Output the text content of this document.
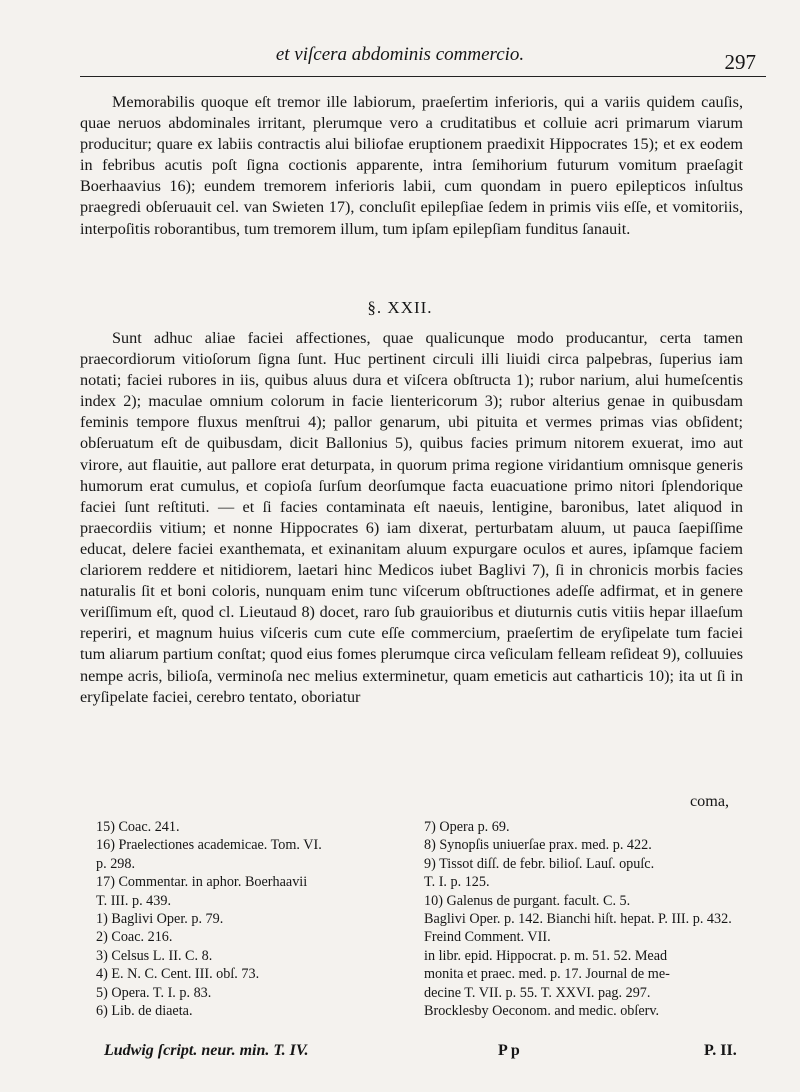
et viſcera abdominis commercio.	297

Memorabilis quoque eſt tremor ille labiorum, praeſertim inferioris, qui a variis quidem cauſis, quae neruos abdominales irritant, plerumque vero a cruditatibus et colluie acri primarum viarum producitur; quare ex labiis contractis alui biliofae eruptionem praedixit Hippocrates 15); et ex eodem in febribus acutis poſt ſigna coctionis apparente, intra ſemihorium futurum vomitum praeſagit Boerhaavius 16); eundem tremorem inferioris labii, cum quondam in puero epilepticos inſultus praegredi obſeruauit cel. van Swieten 17), concluſit epilepſiae ſedem in primis viis eſſe, et vomitoriis, interpoſitis roborantibus, tum tremorem illum, tum ipſam epilepſiam funditus ſanauit.

§. XXII.

Sunt adhuc aliae faciei affectiones, quae qualicunque modo producantur, certa tamen praecordiorum vitioſorum ſigna ſunt. Huc pertinent circuli illi liuidi circa palpebras, ſuperius iam notati; faciei rubores in iis, quibus aluus dura et viſcera obſtructa 1); rubor narium, alui humeſcentis index 2); maculae omnium colorum in facie lientericorum 3); rubor alterius genae in quibusdam feminis tempore fluxus menſtrui 4); pallor genarum, ubi pituita et vermes primas vias obſident; obſeruatum eſt de quibusdam, dicit Ballonius 5), quibus facies primum nitorem exuerat, imo aut virore, aut flauitie, aut pallore erat deturpata, in quorum prima regione viridantium omnisque generis humorum erat cumulus, et copioſa ſurſum deorſumque facta euacuatione primo nitori ſplendorique faciei ſunt reſtituti. — et ſi facies contaminata eſt naeuis, lentigine, baronibus, latet aliquod in praecordiis vitium; et nonne Hippocrates 6) iam dixerat, perturbatam aluum, ut pauca ſaepiſſime educat, delere faciei exanthemata, et exinanitam aluum expurgare oculos et aures, ipſamque faciem clariorem reddere et nitidiorem, laetari hinc Medicos iubet Baglivi 7), ſi in chronicis morbis facies naturalis ſit et boni coloris, nunquam enim tunc viſcerum obſtructiones adeſſe adfirmat, et in genere veriſſimum eſt, quod cl. Lieutaud 8) docet, raro ſub grauioribus et diuturnis cutis vitiis hepar illaeſum reperiri, et magnum huius viſceris cum cute eſſe commercium, praeſertim de eryſipelate tum faciei tum aliarum partium conſtat; quod eius fomes plerumque circa veſiculam felleam reſideat 9), colluuies nempe acris, bilioſa, verminoſa nec melius exterminetur, quam emeticis aut catharticis 10); ita ut ſi in eryſipelate faciei, cerebro tentato, oboriatur

coma,
15) Coac. 241.
16) Praelectiones academicae. Tom. VI.
p. 298.
17) Commentar. in aphor. Boerhaavii
T. III. p. 439.
1) Baglivi Oper. p. 79.
2) Coac. 216.
3) Celsus L. II. C. 8.
4) E. N. C. Cent. III. obſ. 73.
5) Opera. T. I. p. 83.
6) Lib. de diaeta.
7) Opera p. 69.
8) Synopſis uniuerſae prax. med. p. 422.
9) Tissot diſſ. de febr. bilioſ. Lauſ. opuſc.
T. I. p. 125.
10) Galenus de purgant. facult. C. 5.
Baglivi Oper. p. 142. Bianchi hiſt. hepat. P. III. p. 432. Freind Comment. VII.
in libr. epid. Hippocrat. p. m. 51. 52. Mead
monita et praec. med. p. 17. Journal de me-
decine T. VII. p. 55. T. XXVI. pag. 297.
Brocklesby Oeconom. and medic. obſerv.
Ludwig ſcript. neur. min. T. IV.	P p	P. II.
